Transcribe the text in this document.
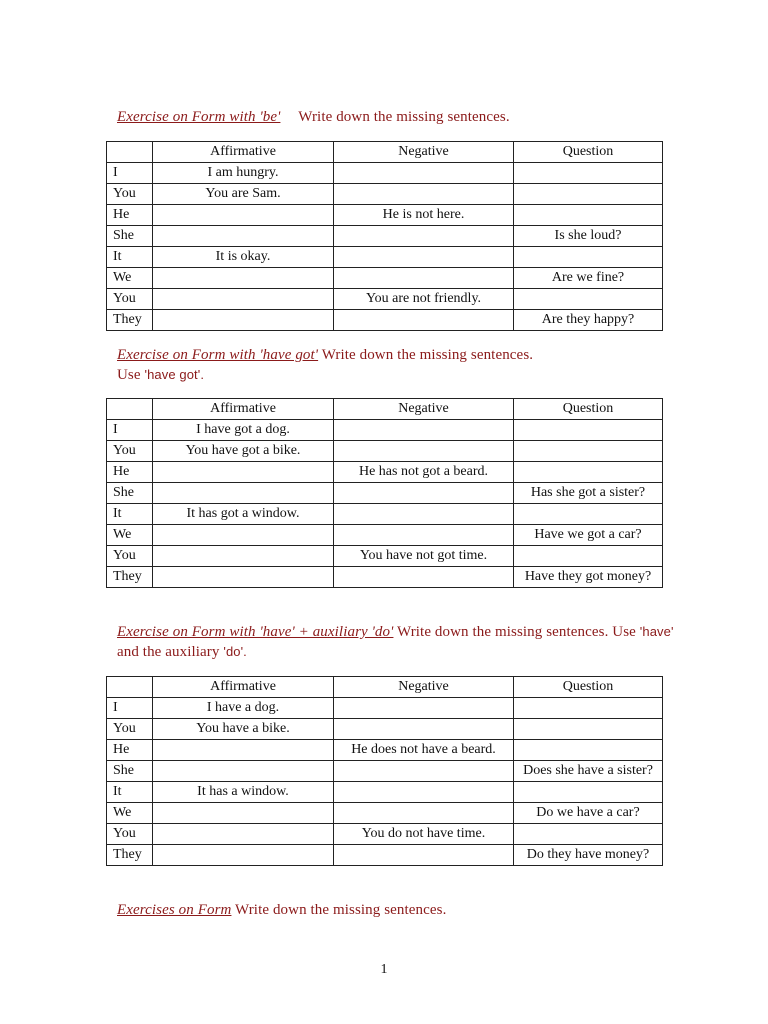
Exercise on Form with 'be' Write down the missing sentences.
	Affirmative	Negative	Question
I	I am hungry.		
You	You are Sam.		
He		He is not here.	
She			Is she loud?
It	It is okay.		
We			Are we fine?
You		You are not friendly.	
They			Are they happy?
Exercise on Form with 'have got' Write down the missing sentences.
Use 'have got'.
	Affirmative	Negative	Question
I	I have got a dog.		
You	You have got a bike.		
He		He has not got a beard.	
She			Has she got a sister?
It	It has got a window.		
We			Have we got a car?
You		You have not got time.	
They			Have they got money?
Exercise on Form with 'have' + auxiliary 'do' Write down the missing sentences. Use 'have' and the auxiliary 'do'.
	Affirmative	Negative	Question
I	I have a dog.		
You	You have a bike.		
He		He does not have a beard.	
She			Does she have a sister?
It	It has a window.		
We			Do we have a car?
You		You do not have time.	
They			Do they have money?
Exercises on Form Write down the missing sentences.
1
